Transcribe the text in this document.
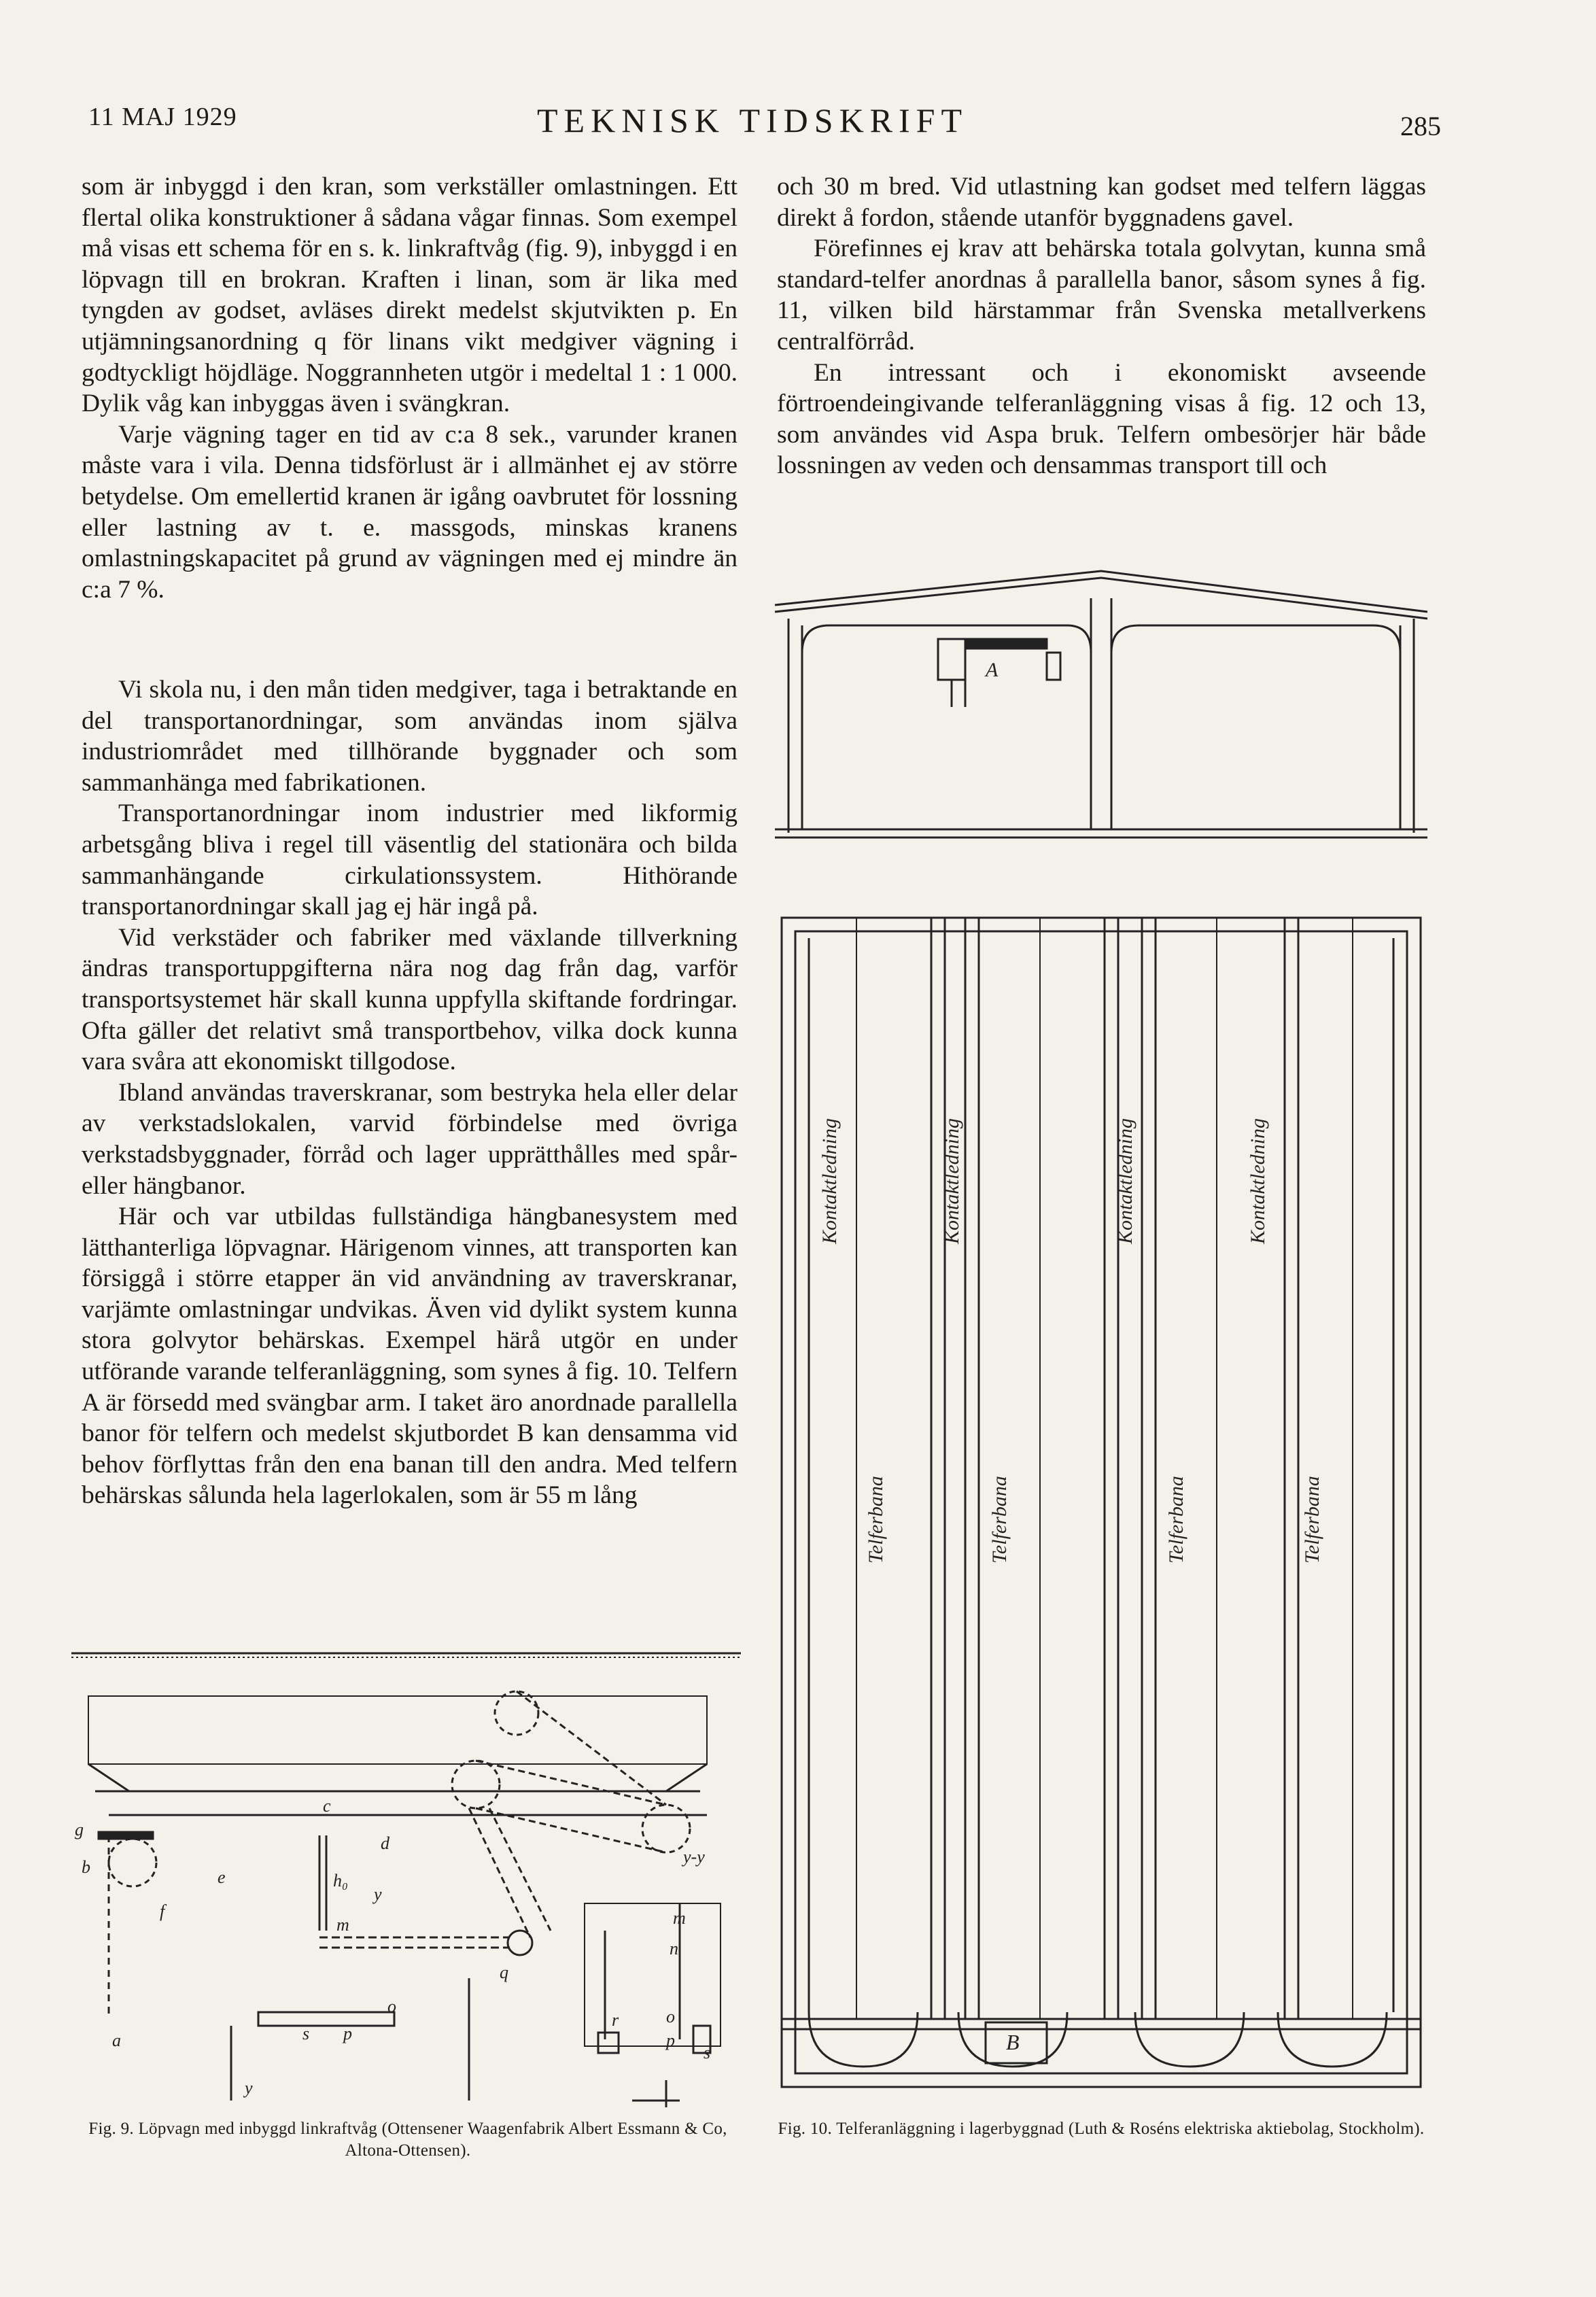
11 MAJ 1929	TEKNISK TIDSKRIFT	285

som är inbyggd i den kran, som verkställer omlastningen. Ett flertal olika konstruktioner å sådana vågar finnas. Som exempel må visas ett schema för en s. k. linkraftvåg (fig. 9), inbyggd i en löpvagn till en brokran. Kraften i linan, som är lika med tyngden av godset, avläses direkt medelst skjutvikten p. En utjämningsanordning q för linans vikt medgiver vägning i godtyckligt höjdläge. Noggrannheten utgör i medeltal 1 : 1 000. Dylik våg kan inbyggas även i svängkran.

Varje vägning tager en tid av c:a 8 sek., varunder kranen måste vara i vila. Denna tidsförlust är i allmänhet ej av större betydelse. Om emellertid kranen är igång oavbrutet för lossning eller lastning av t. e. massgods, minskas kranens omlastningskapacitet på grund av vägningen med ej mindre än c:a 7 %.

Vi skola nu, i den mån tiden medgiver, taga i betraktande en del transportanordningar, som användas inom själva industriområdet med tillhörande byggnader och som sammanhänga med fabrikationen.

Transportanordningar inom industrier med likformig arbetsgång bliva i regel till väsentlig del stationära och bilda sammanhängande cirkulationssystem. Hithörande transportanordningar skall jag ej här ingå på.

Vid verkstäder och fabriker med växlande tillverkning ändras transportuppgifterna nära nog dag från dag, varför transportsystemet här skall kunna uppfylla skiftande fordringar. Ofta gäller det relativt små transportbehov, vilka dock kunna vara svåra att ekonomiskt tillgodose.

Ibland användas traverskranar, som bestryka hela eller delar av verkstadslokalen, varvid förbindelse med övriga verkstadsbyggnader, förråd och lager upprätthålles med spår- eller hängbanor.

Här och var utbildas fullständiga hängbanesystem med lätthanterliga löpvagnar. Härigenom vinnes, att transporten kan försiggå i större etapper än vid användning av traverskranar, varjämte omlastningar undvikas. Även vid dylikt system kunna stora golvytor behärskas. Exempel härå utgör en under utförande varande telferanläggning, som synes å fig. 10. Telfern A är försedd med svängbar arm. I taket äro anordnade parallella banor för telfern och medelst skjutbordet B kan densamma vid behov förflyttas från den ena banan till den andra. Med telfern behärskas sålunda hela lagerlokalen, som är 55 m lång

och 30 m bred. Vid utlastning kan godset med telfern läggas direkt å fordon, stående utanför byggnadens gavel.

Förefinnes ej krav att behärska totala golvytan, kunna små standard-telfer anordnas å parallella banor, såsom synes å fig. 11, vilken bild härstammar från Svenska metallverkens centralförråd.

En intressant och i ekonomiskt avseende förtroendeingivande telferanläggning visas å fig. 12 och 13, som användes vid Aspa bruk. Telfern ombesörjer här både lossningen av veden och densammas transport till och

g
b
a
c
d
e
f
h₀
y
m	m
n
o
p
o
p
q
r
s
s
y-y
y
Fig. 9. Löpvagn med inbyggd linkraftvåg (Ottensener Waagenfabrik Albert Essmann & Co, Altona-Ottensen).
A
B
Kontaktledning	Kontaktledning	Kontaktledning	Kontaktledning
Telferbana	Telferbana	Telferbana	Telferbana
Fig. 10. Telferanläggning i lagerbyggnad (Luth & Roséns elektriska aktiebolag, Stockholm).
